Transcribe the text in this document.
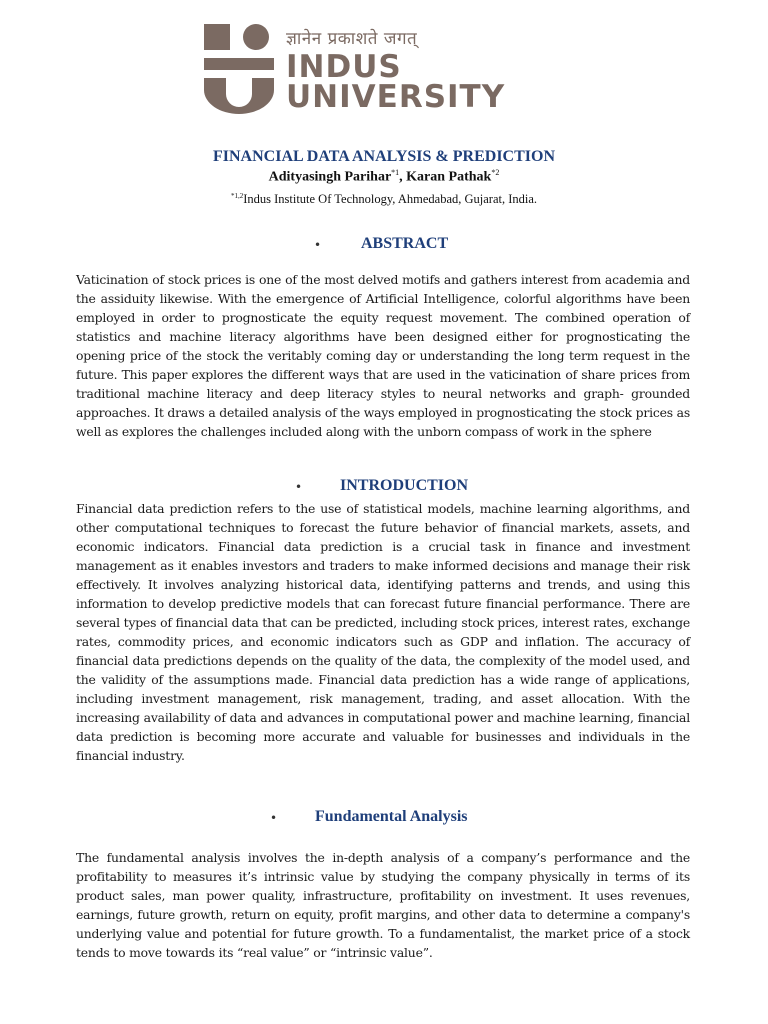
ज्ञानेन प्रकाशते जगत्
INDUS
UNIVERSITY
FINANCIAL DATA ANALYSIS & PREDICTION
Adityasingh Parihar$^{*1}$, Karan Pathak$^{*2}$
$^{*1,2}$Indus Institute Of Technology, Ahmedabad, Gujarat, India.
• ABSTRACT
Vaticination of stock prices is one of the most delved motifs and gathers interest from academia and the assiduity likewise. With the emergence of Artificial Intelligence, colorful algorithms have been employed in order to prognosticate the equity request movement. The combined operation of statistics and machine literacy algorithms have been designed either for prognosticating the opening price of the stock the veritably coming day or understanding the long term request in the future. This paper explores the different ways that are used in the vaticination of share prices from traditional machine literacy and deep literacy styles to neural networks and graph- grounded approaches. It draws a detailed analysis of the ways employed in prognosticating the stock prices as well as explores the challenges included along with the unborn compass of work in the sphere
• INTRODUCTION
Financial data prediction refers to the use of statistical models, machine learning algorithms, and other computational techniques to forecast the future behavior of financial markets, assets, and economic indicators. Financial data prediction is a crucial task in finance and investment management as it enables investors and traders to make informed decisions and manage their risk effectively. It involves analyzing historical data, identifying patterns and trends, and using this information to develop predictive models that can forecast future financial performance. There are several types of financial data that can be predicted, including stock prices, interest rates, exchange rates, commodity prices, and economic indicators such as GDP and inflation. The accuracy of financial data predictions depends on the quality of the data, the complexity of the model used, and the validity of the assumptions made. Financial data prediction has a wide range of applications, including investment management, risk management, trading, and asset allocation. With the increasing availability of data and advances in computational power and machine learning, financial data prediction is becoming more accurate and valuable for businesses and individuals in the financial industry.
• Fundamental Analysis
The fundamental analysis involves the in-depth analysis of a company’s performance and the profitability to measures it’s intrinsic value by studying the company physically in terms of its product sales, man power quality, infrastructure, profitability on investment. It uses revenues, earnings, future growth, return on equity, profit margins, and other data to determine a company's underlying value and potential for future growth. To a fundamentalist, the market price of a stock tends to move towards its “real value” or “intrinsic value”.
